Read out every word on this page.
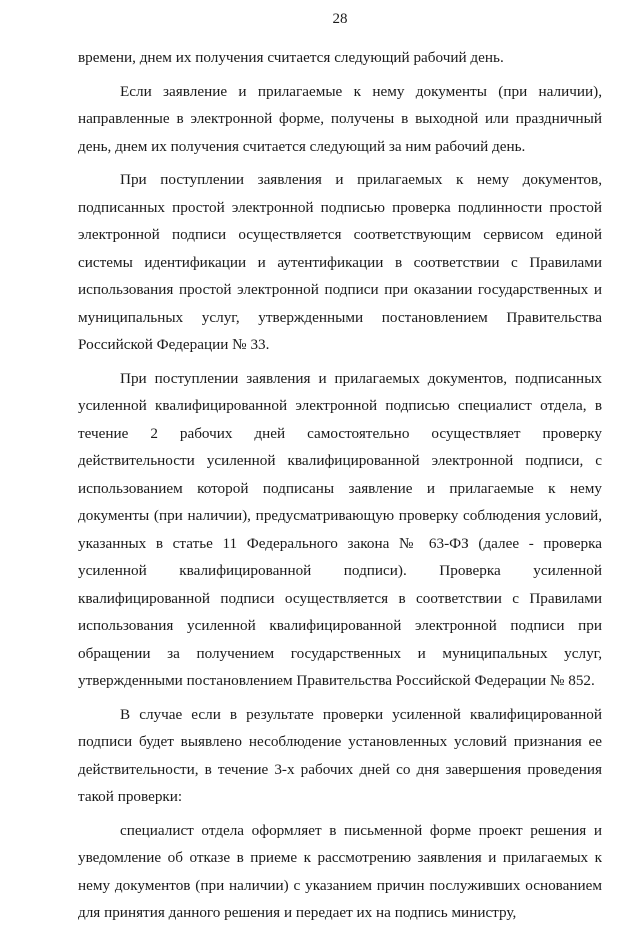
28

времени, днем их получения считается следующий рабочий день.

Если заявление и прилагаемые к нему документы (при наличии), направленные в электронной форме, получены в выходной или праздничный день, днем их получения считается следующий за ним рабочий день.

При поступлении заявления и прилагаемых к нему документов, подписанных простой электронной подписью проверка подлинности простой электронной подписи осуществляется соответствующим сервисом единой системы идентификации и аутентификации в соответствии с Правилами использования простой электронной подписи при оказании государственных и муниципальных услуг, утвержденными постановлением Правительства Российской Федерации № 33.

При поступлении заявления и прилагаемых документов, подписанных усиленной квалифицированной электронной подписью специалист отдела, в течение 2 рабочих дней самостоятельно осуществляет проверку действительности усиленной квалифицированной электронной подписи, с использованием которой подписаны заявление и прилагаемые к нему документы (при наличии), предусматривающую проверку соблюдения условий, указанных в статье 11 Федерального закона № 63-ФЗ (далее - проверка усиленной квалифицированной подписи). Проверка усиленной квалифицированной подписи осуществляется в соответствии с Правилами использования усиленной квалифицированной электронной подписи при обращении за получением государственных и муниципальных услуг, утвержденными постановлением Правительства Российской Федерации № 852.

В случае если в результате проверки усиленной квалифицированной подписи будет выявлено несоблюдение установленных условий признания ее действительности, в течение 3-х рабочих дней со дня завершения проведения такой проверки:

специалист отдела оформляет в письменной форме проект решения и уведомление об отказе в приеме к рассмотрению заявления и прилагаемых к нему документов (при наличии) с указанием причин послуживших основанием для принятия данного решения и передает их на подпись министру,
